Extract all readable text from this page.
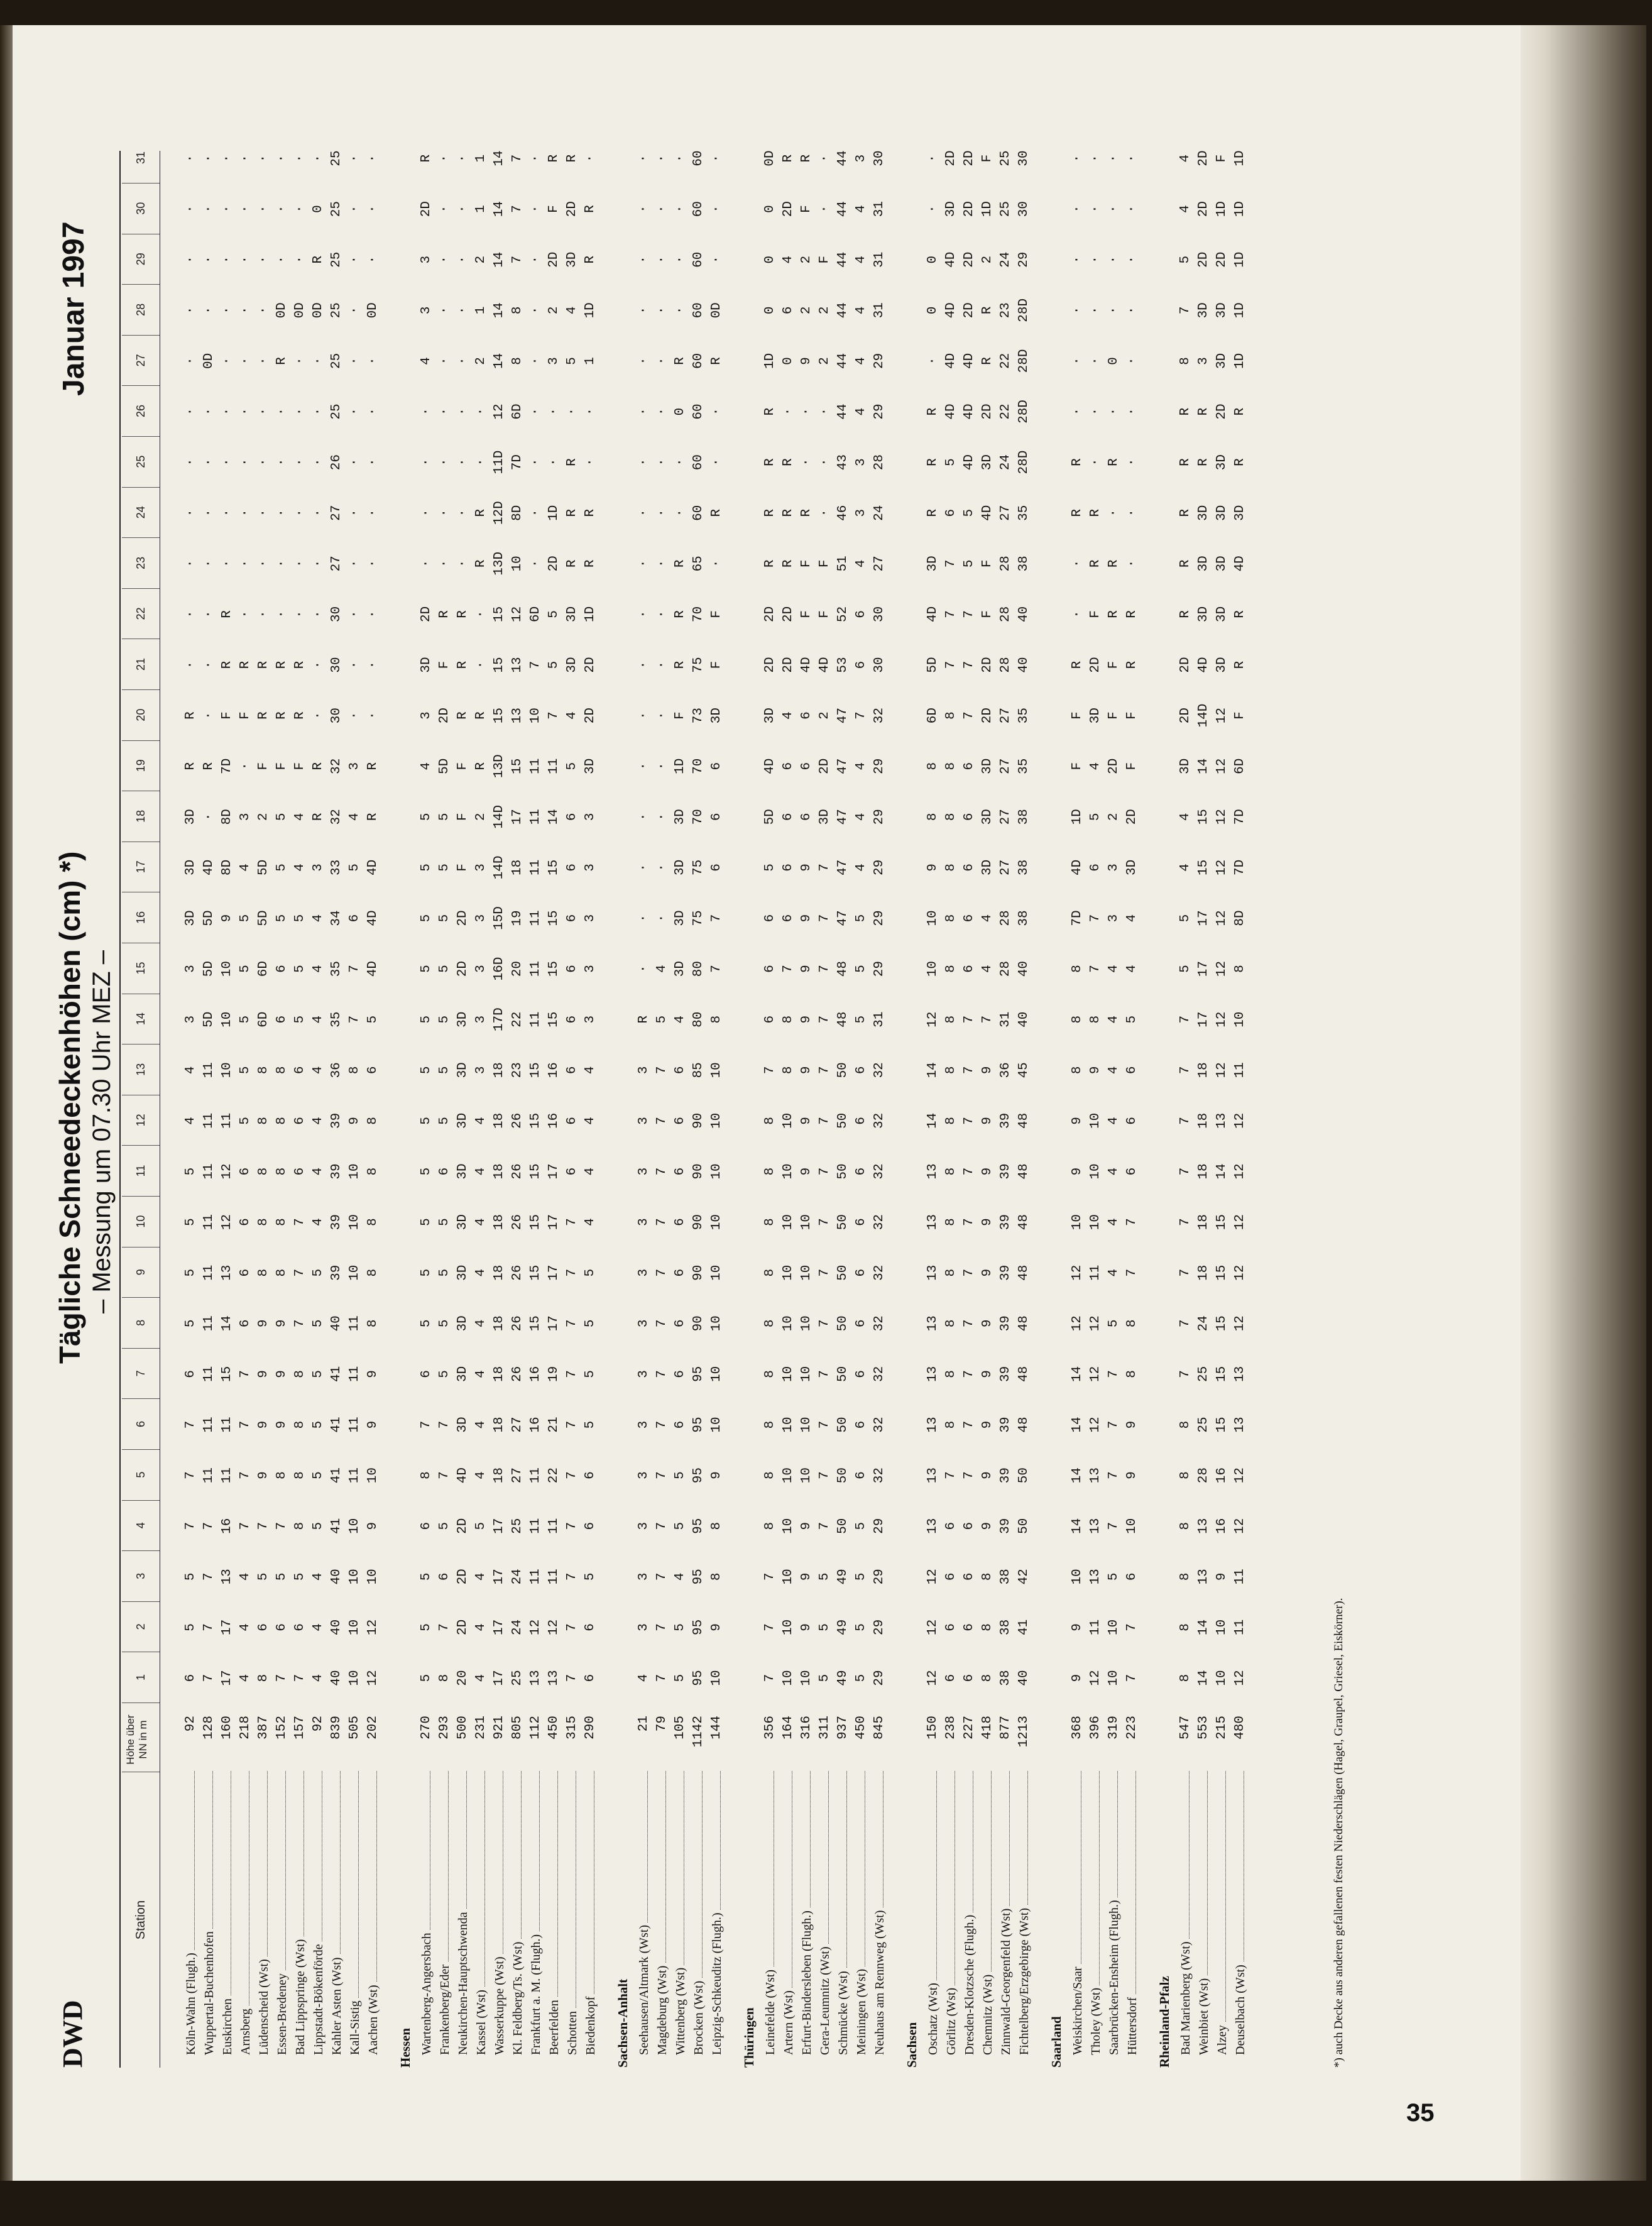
DWD
Tägliche Schneedeckenhöhen (cm) *) – Messung um 07.30 Uhr MEZ –
Januar 1997
Station
Höhe über NN in m
1
2
3
4
5
6
7
8
9
10
11
12
13
14
15
16
17
18
19
20
21
22
23
24
25
26
27
28
29
30
31
Köln-Wahn (Flugh.)
92
6
5
5
7
7
7
6
5
5
5
5
4
4
3
3
3D
3D
3D
R
R
·
·
·
·
·
·
·
·
·
·
·
Wuppertal-Buchenhofen
128
7
7
7
7
11
11
11
11
11
11
11
11
11
5D
5D
5D
4D
·
R
·
·
·
·
·
·
·
0D
·
·
·
·
Euskirchen
160
17
17
13
16
11
11
15
14
13
12
12
11
10
10
10
9
8D
8D
7D
F
R
R
·
·
·
·
·
·
·
·
·
Arnsberg
218
4
4
4
7
7
7
7
6
6
6
6
5
5
5
5
5
4
3
·
F
R
·
·
·
·
·
·
·
·
·
·
Lüdenscheid (Wst)
387
8
6
5
7
9
9
9
9
8
8
8
8
8
6D
6D
5D
5D
2
F
R
R
·
·
·
·
·
·
·
·
·
·
Essen-Bredeney
152
7
6
5
7
8
9
9
9
8
8
8
8
8
6
6
5
5
5
F
R
R
·
·
·
·
·
R
0D
·
·
·
Bad Lippspringe (Wst)
157
7
6
5
8
8
8
8
7
7
7
6
6
6
5
5
5
4
4
F
R
R
·
·
·
·
·
·
0D
·
·
·
Lippstadt-Bökenförde
92
4
4
4
5
5
5
5
5
5
4
4
4
4
4
4
4
3
R
R
·
·
·
·
·
·
·
·
0D
R
0
·
Kahler Asten (Wst)
839
40
40
40
41
41
41
41
40
39
39
39
39
36
35
35
34
33
32
32
30
30
30
27
27
26
25
25
25
25
25
25
Kall-Sistig
505
10
10
10
10
11
11
11
11
10
10
10
9
8
7
7
6
5
4
3
·
·
·
·
·
·
·
·
·
·
·
·
Aachen (Wst)
202
12
12
10
9
10
9
9
8
8
8
8
8
6
5
4D
4D
4D
R
R
·
·
·
·
·
·
·
·
0D
·
·
·
Hessen Wartenberg-Angersbach
270
5
5
5
6
8
7
6
5
5
5
5
5
5
5
5
5
5
5
4
3
3D
2D
·
·
·
·
4
3
3
2D
R
Frankenberg/Eder
293
8
7
6
5
7
7
5
5
5
5
6
5
5
5
5
5
5
5
5D
2D
F
R
·
·
·
·
·
·
·
·
·
Neukirchen-Hauptschwenda
500
20
2D
2D
2D
4D
3D
3D
3D
3D
3D
3D
3D
3D
3D
2D
2D
F
F
F
R
R
R
·
·
·
·
·
·
·
·
·
Kassel (Wst)
231
4
4
4
5
4
4
4
4
4
4
4
4
3
3
3
3
3
2
R
R
·
·
R
R
·
·
2
1
2
1
1
Wasserkuppe (Wst)
921
17
17
17
17
18
18
18
18
18
18
18
18
18
17D
16D
15D
14D
14D
13D
15
15
15
13D
12D
11D
12
14
14
14
14
14
Kl. Feldberg/Ts. (Wst)
805
25
24
24
25
27
27
26
26
26
26
26
26
23
22
20
19
18
17
15
13
13
12
10
8D
7D
6D
8
8
7
7
7
Frankfurt a. M. (Flugh.)
112
13
12
11
11
11
16
16
15
15
15
15
15
15
11
11
11
11
11
11
10
7
6D
·
·
·
·
·
·
·
·
·
Beerfelden
450
13
12
11
11
22
21
19
17
17
17
17
16
16
15
15
15
15
14
11
7
5
5
2D
1D
·
·
3
2
2D
F
R
Schotten
315
7
7
7
7
7
7
7
7
7
7
6
6
6
6
6
6
6
6
5
4
3D
3D
R
R
R
·
5
4
3D
2D
R
Biedenkopf
290
6
6
5
6
6
5
5
5
5
4
4
4
4
3
3
3
3
3
3D
2D
2D
1D
R
R
·
·
1
1D
R
R
·
Sachsen-Anhalt Seehausen/Altmark (Wst)
21
4
3
3
3
3
3
3
3
3
3
3
3
3
R
·
·
·
·
·
·
·
·
·
·
·
·
·
·
·
·
·
Magdeburg (Wst)
79
7
7
7
7
7
7
7
7
7
7
7
7
7
5
4
·
·
·
·
·
·
·
·
·
·
·
·
·
·
·
·
Wittenberg (Wst)
105
5
5
4
5
5
6
6
6
6
6
6
6
6
4
3D
3D
3D
3D
1D
F
R
R
R
·
·
0
R
·
·
·
·
Brocken (Wst)
1142
95
95
95
95
95
95
95
90
90
90
90
90
85
80
80
75
75
70
70
73
75
70
65
60
60
60
60
60
60
60
60
Leipzig-Schkeuditz (Flugh.)
144
10
9
8
8
9
10
10
10
10
10
10
10
10
8
7
7
6
6
6
3D
F
F
·
R
·
·
R
0D
·
·
·
Thüringen Leinefelde (Wst)
356
7
7
7
8
8
8
8
8
8
8
8
8
7
6
6
6
5
5D
4D
3D
2D
2D
R
R
R
R
1D
0
0
0
0D
Artern (Wst)
164
10
10
10
10
10
10
10
10
10
10
10
10
8
8
7
6
6
6
6
4
2D
2D
R
R
R
·
0
6
4
2D
R
Erfurt-Bindersleben (Flugh.)
316
10
9
9
9
10
10
10
10
10
10
9
9
9
9
9
9
9
6
6
6
4D
F
F
R
·
·
9
2
2
F
R
Gera-Leumnitz (Wst)
311
5
5
5
7
7
7
7
7
7
7
7
7
7
7
7
7
7
3D
2D
2
4D
F
F
·
·
·
2
2
F
·
·
Schmücke (Wst)
937
49
49
49
50
50
50
50
50
50
50
50
50
50
48
48
47
47
47
47
47
53
52
51
46
43
44
44
44
44
44
44
Meiningen (Wst)
450
5
5
5
5
6
6
6
6
6
6
6
6
6
5
5
5
4
4
4
7
6
6
4
3
3
4
4
4
4
4
3
Neuhaus am Rennweg (Wst)
845
29
29
29
29
32
32
32
32
32
32
32
32
32
31
29
29
29
29
29
32
30
30
27
24
28
29
29
31
31
31
30
Sachsen Oschatz (Wst)
150
12
12
12
13
13
13
13
13
13
13
13
14
14
12
10
10
9
8
8
6D
5D
4D
3D
R
R
R
·
0
0
·
·
Görlitz (Wst)
238
6
6
6
6
7
8
8
8
8
8
8
8
8
8
8
8
8
8
8
8
7
7
7
6
5
4D
4D
4D
4D
3D
2D
Dresden-Klotzsche (Flugh.)
227
6
6
6
6
7
7
7
7
7
7
7
7
7
7
6
6
6
6
6
7
7
7
5
5
4D
4D
4D
2D
2D
2D
2D
Chemnitz (Wst)
418
8
8
8
9
9
9
9
9
9
9
9
9
9
7
4
4
3D
3D
3D
2D
2D
F
F
4D
3D
2D
R
R
2
1D
F
Zinnwald-Georgenfeld (Wst)
877
38
38
38
39
39
39
39
39
39
39
39
39
36
31
28
28
27
27
27
27
28
28
28
27
24
22
22
23
24
25
25
Fichtelberg/Erzgebirge (Wst)
1213
40
41
42
50
50
48
48
48
48
48
48
48
45
40
40
38
38
38
35
35
40
40
38
35
28D
28D
28D
28D
29
30
30
Saarland Weiskirchen/Saar
368
9
9
10
14
14
14
14
12
12
10
9
9
8
8
8
7D
4D
1D
F
F
R
·
·
R
R
·
·
·
·
·
·
Tholey (Wst)
396
12
11
13
13
13
12
12
12
11
10
10
10
9
8
7
7
6
5
4
3D
2D
F
R
R
·
·
·
·
·
·
·
Saarbrücken-Ensheim (Flugh.)
319
10
10
5
7
7
7
7
5
4
4
4
4
4
4
4
3
3
2
2D
F
F
R
R
·
R
·
0
·
·
·
·
Hüttersdorf
223
7
7
6
10
9
9
8
8
7
7
6
6
6
5
4
4
3D
2D
F
F
R
R
·
·
·
·
·
·
·
·
·
Rheinland-Pfalz Bad Marienberg (Wst)
547
8
8
8
8
8
8
7
7
7
7
7
7
7
7
5
5
4
4
3D
2D
2D
R
R
R
R
R
8
7
5
4
4
Weinbiet (Wst)
553
14
14
13
13
28
25
25
24
18
18
18
18
18
17
17
17
15
15
14
14D
4D
3D
3D
3D
R
R
3
3D
2D
2D
2D
Alzey
215
10
10
9
16
16
15
15
15
15
15
14
13
12
12
12
12
12
12
12
12
3D
3D
3D
3D
3D
2D
3D
3D
2D
1D
F
Deuselbach (Wst)
480
12
11
11
12
12
13
13
12
12
12
12
12
11
10
8
8D
7D
7D
6D
F
R
R
4D
3D
R
R
1D
1D
1D
1D
1D
*) auch Decke aus anderen gefallenen festen Niederschlägen (Hagel, Graupel, Griesel, Eiskörner).
35
